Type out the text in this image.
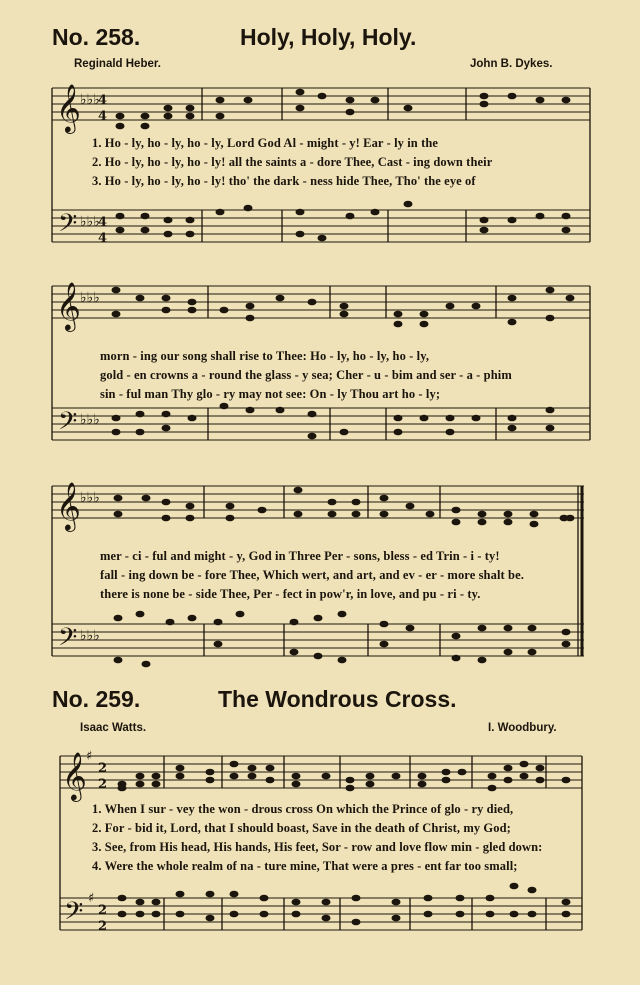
No. 258.	Holy, Holy, Holy.
Reginald Heber.	John B. Dykes.
𝄞
𝄢
♭♭♭
♭♭♭
4
4
4
4
1. Ho - ly, ho - ly, ho - ly, Lord God Al - might - y! Ear - ly in the
2. Ho - ly, ho - ly, ho - ly! all the saints a - dore Thee, Cast - ing down their
3. Ho - ly, ho - ly, ho - ly! tho' the dark - ness hide Thee, Tho' the eye of
𝄞
𝄢
♭♭♭
♭♭♭
morn - ing our song shall rise to Thee: Ho - ly, ho - ly, ho - ly,
gold - en crowns a - round the glass - y sea; Cher - u - bim and ser - a - phim
sin - ful man Thy glo - ry may not see: On - ly Thou art ho - ly;
𝄞
𝄢
♭♭♭
♭♭♭
mer - ci - ful and might - y, God in Three Per - sons, bless - ed Trin - i - ty!
fall - ing down be - fore Thee, Which wert, and art, and ev - er - more shalt be.
there is none be - side Thee, Per - fect in pow'r, in love, and pu - ri - ty.
No. 259.	The Wondrous Cross.
Isaac Watts.	I. Woodbury.
𝄞
𝄢
♯
♯
2
2
2
2
1. When I sur - vey the won - drous cross On which the Prince of glo - ry died,
2. For - bid it, Lord, that I should boast, Save in the death of Christ, my God;
3. See, from His head, His hands, His feet, Sor - row and love flow min - gled down:
4. Were the whole realm of na - ture mine, That were a pres - ent far too small;
